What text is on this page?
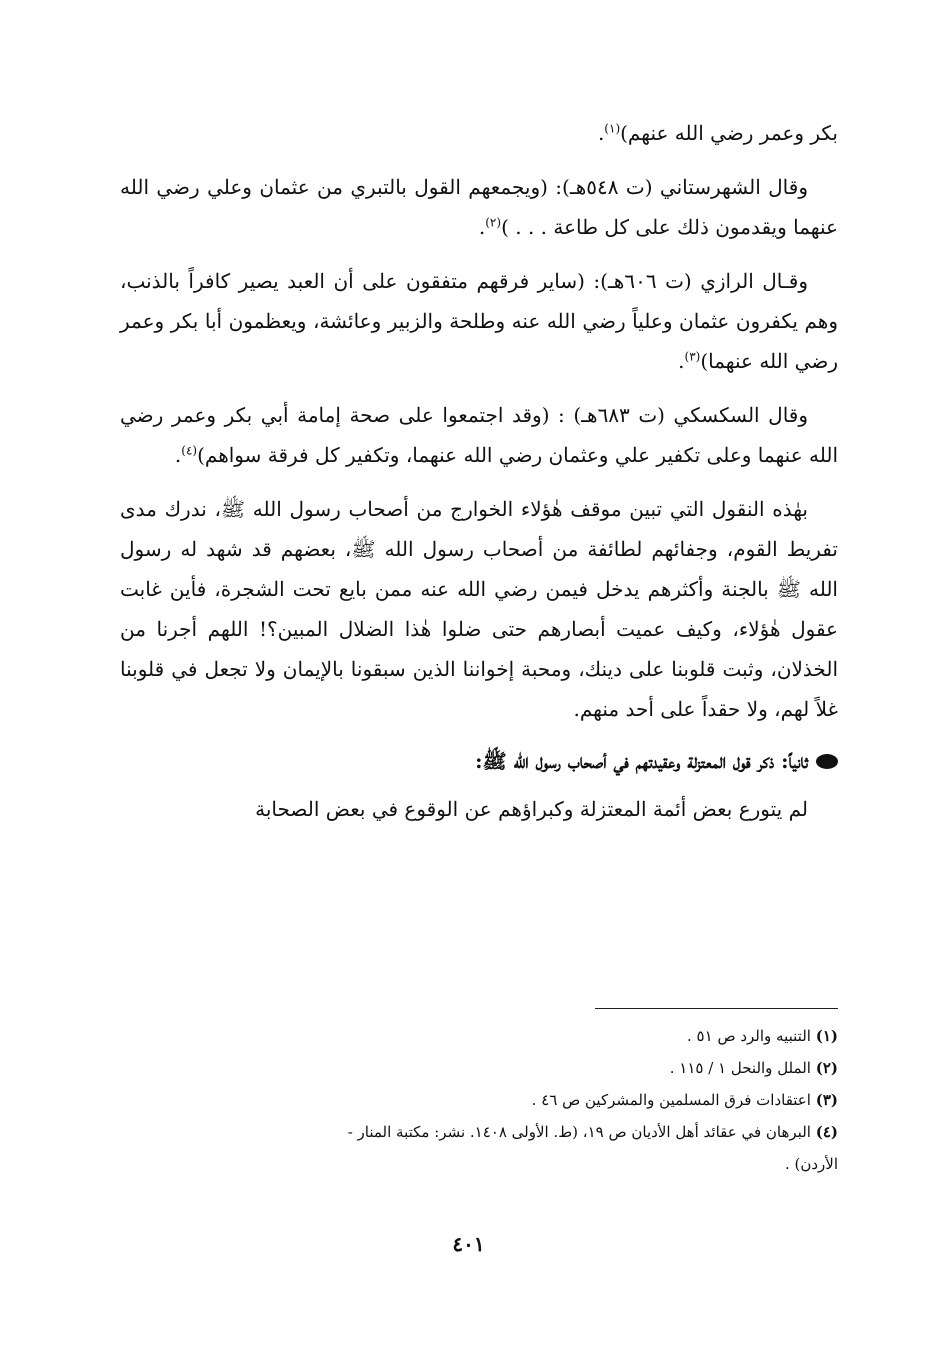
بكر وعمر رضي الله عنهم)$^{(١)}$.

وقال الشهرستاني (ت ٥٤٨هـ): (ويجمعهم القول بالتبري من عثمان وعلي رضي الله عنهما ويقدمون ذلك على كل طاعة . . . )$^{(٢)}$.

وقـال الرازي (ت ٦٠٦هـ): (ساير فرقهم متفقون على أن العبد يصير كافراً بالذنب، وهم يكفرون عثمان وعلياً رضي الله عنه وطلحة والزبير وعائشة، ويعظمون أبا بكر وعمر رضي الله عنهما)$^{(٣)}$.

وقال السكسكي (ت ٦٨٣هـ) : (وقد اجتمعوا على صحة إمامة أبي بكر وعمر رضي الله عنهما وعلى تكفير علي وعثمان رضي الله عنهما، وتكفير كل فرقة سواهم)$^{(٤)}$.

بهٰذه النقول التي تبين موقف هٰؤلاء الخوارج من أصحاب رسول الله ﷺ، ندرك مدى تفريط القوم، وجفائهم لطائفة من أصحاب رسول الله ﷺ، بعضهم قد شهد له رسول الله ﷺ بالجنة وأكثرهم يدخل فيمن رضي الله عنه ممن بايع تحت الشجرة، فأين غابت عقول هٰؤلاء، وكيف عميت أبصارهم حتى ضلوا هٰذا الضلال المبين؟! اللهم أجرنا من الخذلان، وثبت قلوبنا على دينك، ومحبة إخواننا الذين سبقونا بالإيمان ولا تجعل في قلوبنا غلاً لهم، ولا حقداً على أحد منهم.

ثانياً: ذكر قول المعتزلة وعقيدتهم في أصحاب رسول الله ﷺ:

لم يتورع بعض أئمة المعتزلة وكبراؤهم عن الوقوع في بعض الصحابة

(١) التنبيه والرد ص ٥١ .

(٢) الملل والنحل ١ / ١١٥ .

(٣) اعتقادات فرق المسلمين والمشركين ص ٤٦ .

(٤) البرهان في عقائد أهل الأديان ص ١٩، (ط. الأولى ١٤٠٨. نشر: مكتبة المنار -

الأردن) .

٤٠١
